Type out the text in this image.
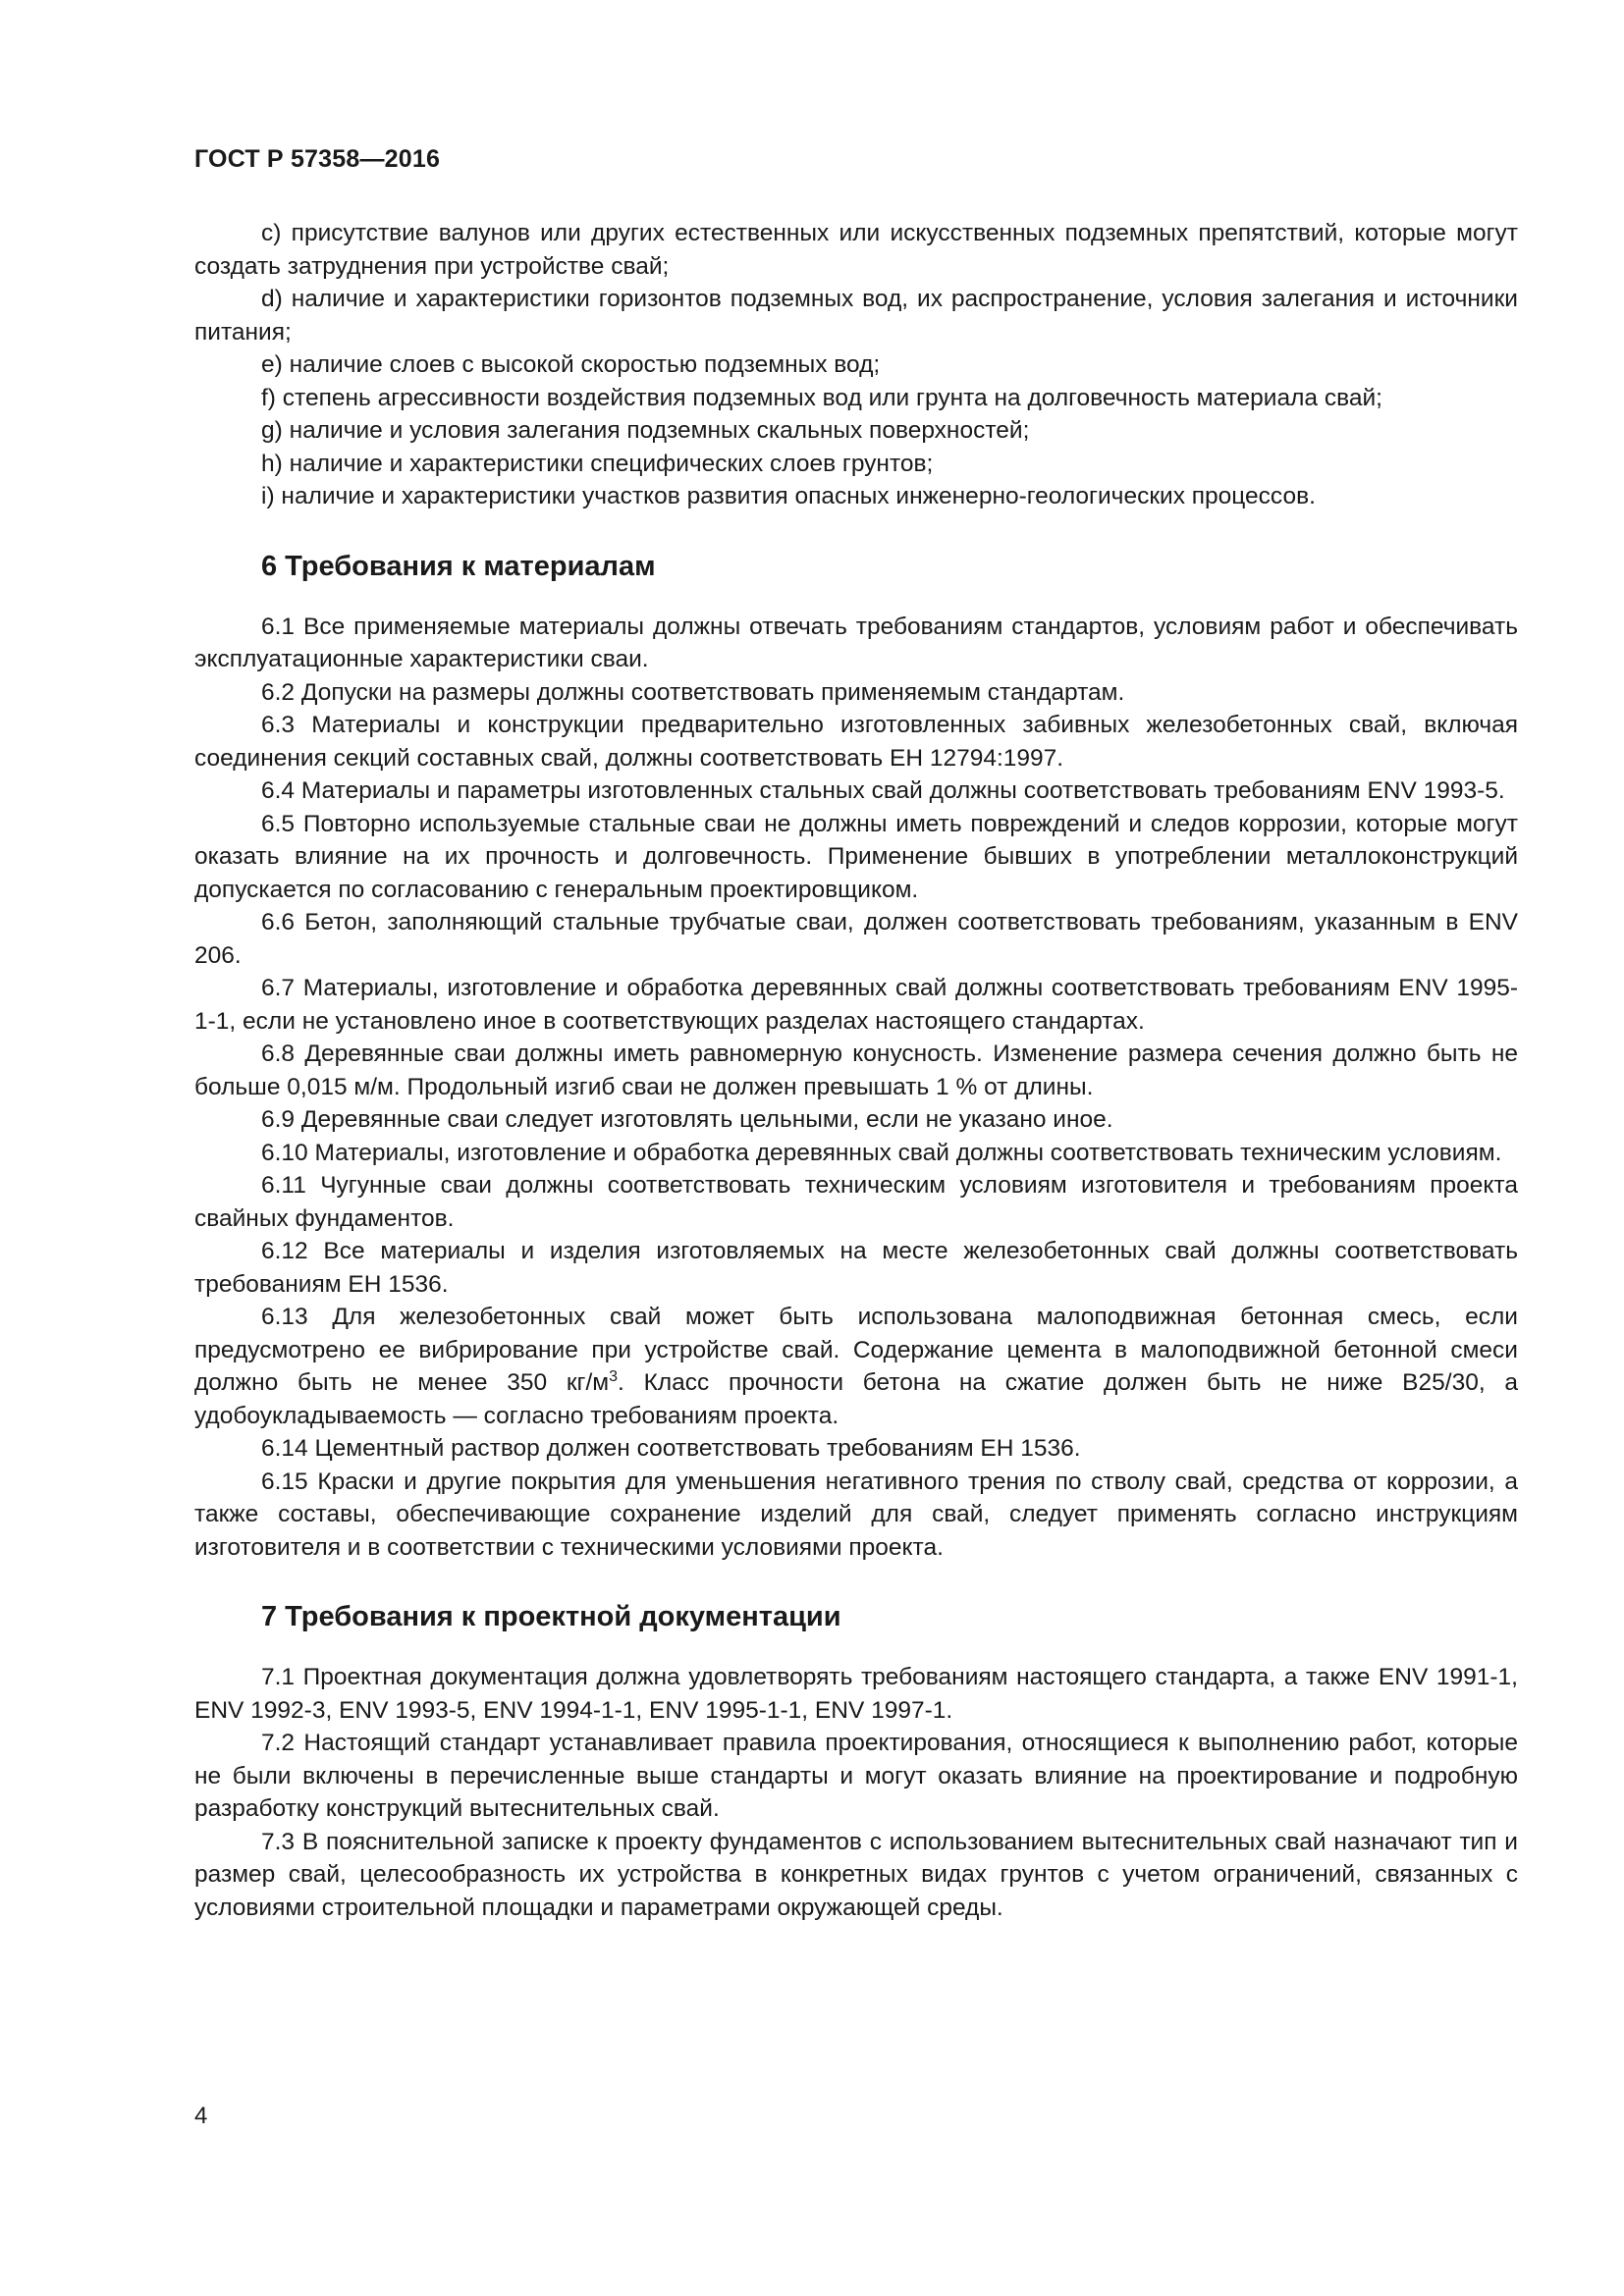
ГОСТ Р 57358—2016

c) присутствие валунов или других естественных или искусственных подземных препятствий, которые могут создать затруднения при устройстве свай;

d) наличие и характеристики горизонтов подземных вод, их распространение, условия залегания и источники питания;

e) наличие слоев с высокой скоростью подземных вод;

f) степень агрессивности воздействия подземных вод или грунта на долговечность материала свай;

g) наличие и условия залегания подземных скальных поверхностей;

h) наличие и характеристики специфических слоев грунтов;

i) наличие и характеристики участков развития опасных инженерно-геологических процессов.

6 Требования к материалам

6.1 Все применяемые материалы должны отвечать требованиям стандартов, условиям работ и обеспечивать эксплуатационные характеристики сваи.

6.2 Допуски на размеры должны соответствовать применяемым стандартам.

6.3 Материалы и конструкции предварительно изготовленных забивных железобетонных свай, включая соединения секций составных свай, должны соответствовать ЕН 12794:1997.

6.4 Материалы и параметры изготовленных стальных свай должны соответствовать требованиям ENV 1993-5.

6.5 Повторно используемые стальные сваи не должны иметь повреждений и следов коррозии, которые могут оказать влияние на их прочность и долговечность. Применение бывших в употреблении металлоконструкций допускается по согласованию с генеральным проектировщиком.

6.6 Бетон, заполняющий стальные трубчатые сваи, должен соответствовать требованиям, указанным в ENV 206.

6.7 Материалы, изготовление и обработка деревянных свай должны соответствовать требованиям ENV 1995-1-1, если не установлено иное в соответствующих разделах настоящего стандартах.

6.8 Деревянные сваи должны иметь равномерную конусность. Изменение размера сечения должно быть не больше 0,015 м/м. Продольный изгиб сваи не должен превышать 1 % от длины.

6.9 Деревянные сваи следует изготовлять цельными, если не указано иное.

6.10 Материалы, изготовление и обработка деревянных свай должны соответствовать техническим условиям.

6.11 Чугунные сваи должны соответствовать техническим условиям изготовителя и требованиям проекта свайных фундаментов.

6.12 Все материалы и изделия изготовляемых на месте железобетонных свай должны соответствовать требованиям ЕН 1536.

6.13 Для железобетонных свай может быть использована малоподвижная бетонная смесь, если предусмотрено ее вибрирование при устройстве свай. Содержание цемента в малоподвижной бетонной смеси должно быть не менее 350 $кг/м^3$. Класс прочности бетона на сжатие должен быть не ниже В25/30, а удобоукладываемость — согласно требованиям проекта.

6.14 Цементный раствор должен соответствовать требованиям ЕН 1536.

6.15 Краски и другие покрытия для уменьшения негативного трения по стволу свай, средства от коррозии, а также составы, обеспечивающие сохранение изделий для свай, следует применять согласно инструкциям изготовителя и в соответствии с техническими условиями проекта.

7 Требования к проектной документации

7.1 Проектная документация должна удовлетворять требованиям настоящего стандарта, а также ENV 1991-1, ENV 1992-3, ENV 1993-5, ENV 1994-1-1, ENV 1995-1-1, ENV 1997-1.

7.2 Настоящий стандарт устанавливает правила проектирования, относящиеся к выполнению работ, которые не были включены в перечисленные выше стандарты и могут оказать влияние на проектирование и подробную разработку конструкций вытеснительных свай.

7.3 В пояснительной записке к проекту фундаментов с использованием вытеснительных свай назначают тип и размер свай, целесообразность их устройства в конкретных видах грунтов с учетом ограничений, связанных с условиями строительной площадки и параметрами окружающей среды.

4
